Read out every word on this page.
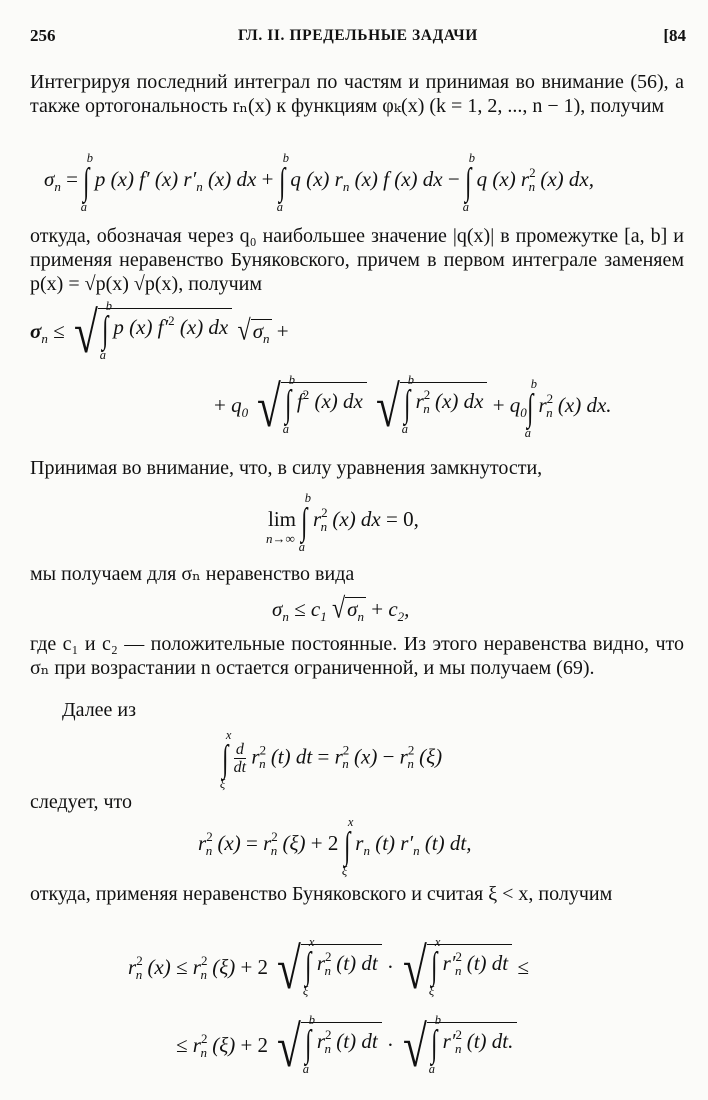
256	ГЛ. II. ПРЕДЕЛЬНЫЕ ЗАДАЧИ	[84

Интегрируя последний интеграл по частям и принимая во внимание (56), а также ортогональность rₙ(x) к функциям φₖ(x) (k = 1, 2, ..., n − 1), получим

$\sigma_n$ = ∫
b
a
p (x) f′ (x) $r'_n$ (x) dx + ∫
b
a
q (x) $r_n$ (x) f (x) dx − ∫
b
a
q (x) $r^2_n$ (x) dx,

откуда, обозначая через q₀ наибольшее значение |q(x)| в промежутке [a, b] и применяя неравенство Буняковского, причем в первом интеграле заменяем p(x) = √p(x) √p(x), получим

$\sigma_n$ ≤ √ ∫
b
a
p (x) $f'^2$ (x) dx $√\sigma_n$ +
+ $q_0$ √ ∫
b
a
$f^2$ (x) dx √ ∫
b
a
$r^2_n$ (x) dx + $q_0\int$
b
a
$r^2_n$ (x) dx.

Принимая во внимание, что, в силу уравнения замкнутости,

lim
n→∞ ∫
b
a
$r^2_n$ (x) dx = 0,

мы получаем для σₙ неравенство вида

$\sigma_n \le c_1$ $√\sigma_n + c_2$,

где c₁ и c₂ — положительные постоянные. Из этого неравенства видно, что σₙ при возрастании n остается ограниченной, и мы получаем (69).

Далее из

∫
x
ξ

$\frac{d}{dt} r^2_n$ (t) dt = $r^2_n$ $(x) - r^2_n$ (ξ)

следует, что

$r^2_n$ $(x) = r^2_n$ (ξ) + 2 ∫
x
ξ
$r_n$ (t) $r'_n$ (t) dt,

откуда, применяя неравенство Буняковского и считая ξ < x, получим

$r^2_n$ $(x) \le r^2_n$ (ξ) + 2 √ ∫
x
ξ
$r^2_n$ (t) dt · √ ∫
x
ξ
$r'^2_n$ (t) dt ≤
≤ $r^2_n$ (ξ) + 2 √ ∫
b
a
$r^2_n$ (t) dt · √ ∫
b
a
$r'^2_n$ (t) dt.
